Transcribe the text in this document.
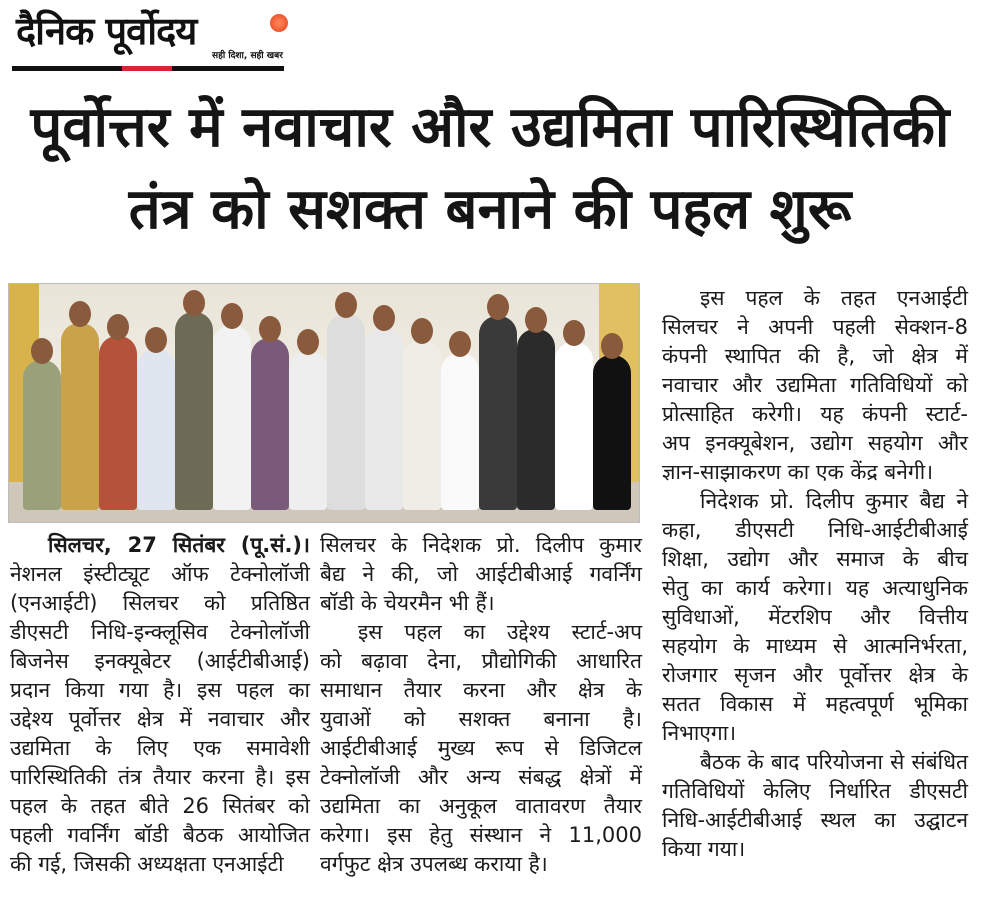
दैनिक पूर्वोदय
सही दिशा, सही खबर
पूर्वोत्तर में नवाचार और उद्यमिता पारिस्थितिकी
तंत्र को सशक्त बनाने की पहल शुरू
सिलचर, 27 सितंबर (पू.सं.)।
नेशनल इंस्टीट्यूट ऑफ टेक्नोलॉजी
(एनआईटी) सिलचर को प्रतिष्ठित
डीएसटी निधि-इन्क्लूसिव टेक्नोलॉजी
बिजनेस इनक्यूबेटर (आईटीबीआई)
प्रदान किया गया है। इस पहल का
उद्देश्य पूर्वोत्तर क्षेत्र में नवाचार और
उद्यमिता के लिए एक समावेशी
पारिस्थितिकी तंत्र तैयार करना है। इस
पहल के तहत बीते 26 सितंबर को
पहली गवर्निंग बॉडी बैठक आयोजित
की गई, जिसकी अध्यक्षता एनआईटी
सिलचर के निदेशक प्रो. दिलीप कुमार
बैद्य ने की, जो आईटीबीआई गवर्निंग
बॉडी के चेयरमैन भी हैं।
इस पहल का उद्देश्य स्टार्ट-अप
को बढ़ावा देना, प्रौद्योगिकी आधारित
समाधान तैयार करना और क्षेत्र के
युवाओं को सशक्त बनाना है।
आईटीबीआई मुख्य रूप से डिजिटल
टेक्नोलॉजी और अन्य संबद्ध क्षेत्रों में
उद्यमिता का अनुकूल वातावरण तैयार
करेगा। इस हेतु संस्थान ने 11,000
वर्गफुट क्षेत्र उपलब्ध कराया है।
इस पहल के तहत एनआईटी
सिलचर ने अपनी पहली सेक्शन-8
कंपनी स्थापित की है, जो क्षेत्र में
नवाचार और उद्यमिता गतिविधियों को
प्रोत्साहित करेगी। यह कंपनी स्टार्ट-
अप इनक्यूबेशन, उद्योग सहयोग और
ज्ञान-साझाकरण का एक केंद्र बनेगी।
निदेशक प्रो. दिलीप कुमार बैद्य ने
कहा, डीएसटी निधि-आईटीबीआई
शिक्षा, उद्योग और समाज के बीच
सेतु का कार्य करेगा। यह अत्याधुनिक
सुविधाओं, मेंटरशिप और वित्तीय
सहयोग के माध्यम से आत्मनिर्भरता,
रोजगार सृजन और पूर्वोत्तर क्षेत्र के
सतत विकास में महत्वपूर्ण भूमिका
निभाएगा।
बैठक के बाद परियोजना से संबंधित
गतिविधियों केलिए निर्धारित डीएसटी
निधि-आईटीबीआई स्थल का उद्घाटन
किया गया।
